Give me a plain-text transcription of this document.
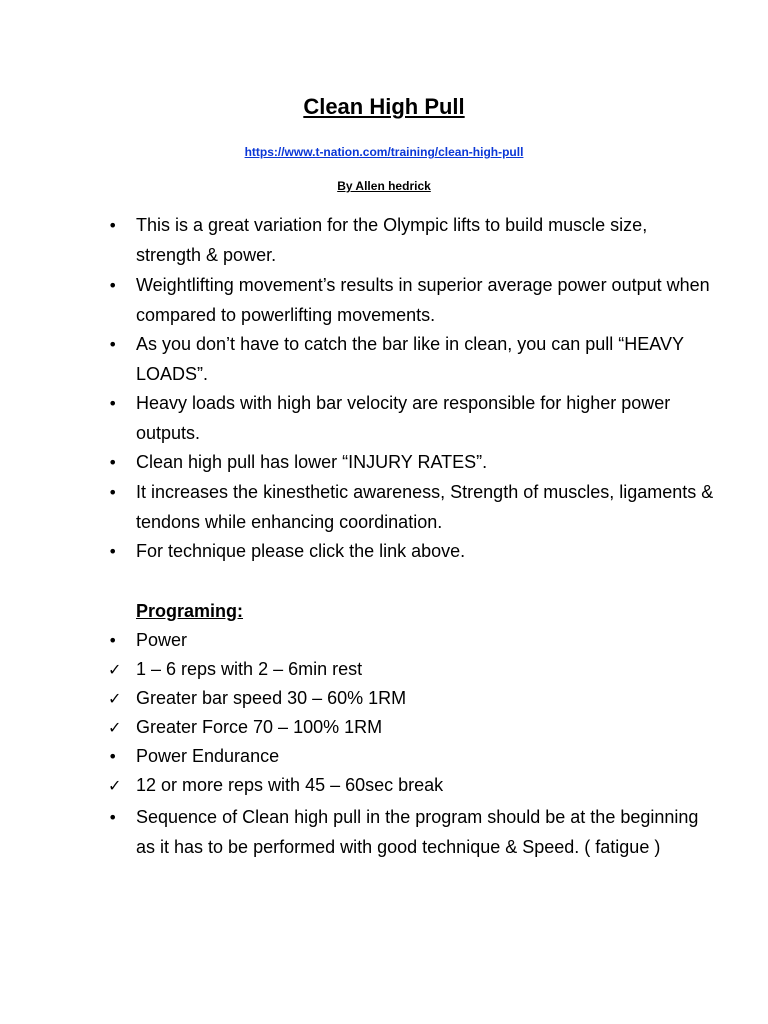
Clean High Pull
https://www.t-nation.com/training/clean-high-pull
By Allen hedrick
•	This is a great variation for the Olympic lifts to build muscle size, strength & power.
•	Weightlifting movement’s results in superior average power output when compared to powerlifting movements.
•	As you don’t have to catch the bar like in clean, you can pull “HEAVY LOADS”.
•	Heavy loads with high bar velocity are responsible for higher power outputs.
•	Clean high pull has lower “INJURY RATES”.
•	It increases the kinesthetic awareness, Strength of muscles, ligaments & tendons while enhancing coordination.
•	For technique please click the link above.
Programing:
•	Power
✓ 1 – 6 reps with 2 – 6min rest
✓ Greater bar speed 30 – 60% 1RM
✓ Greater Force 70 – 100% 1RM
•	Power Endurance
✓ 12 or more reps with 45 – 60sec break
•	Sequence of Clean high pull in the program should be at the beginning as it has to be performed with good technique & Speed. ( fatigue )
